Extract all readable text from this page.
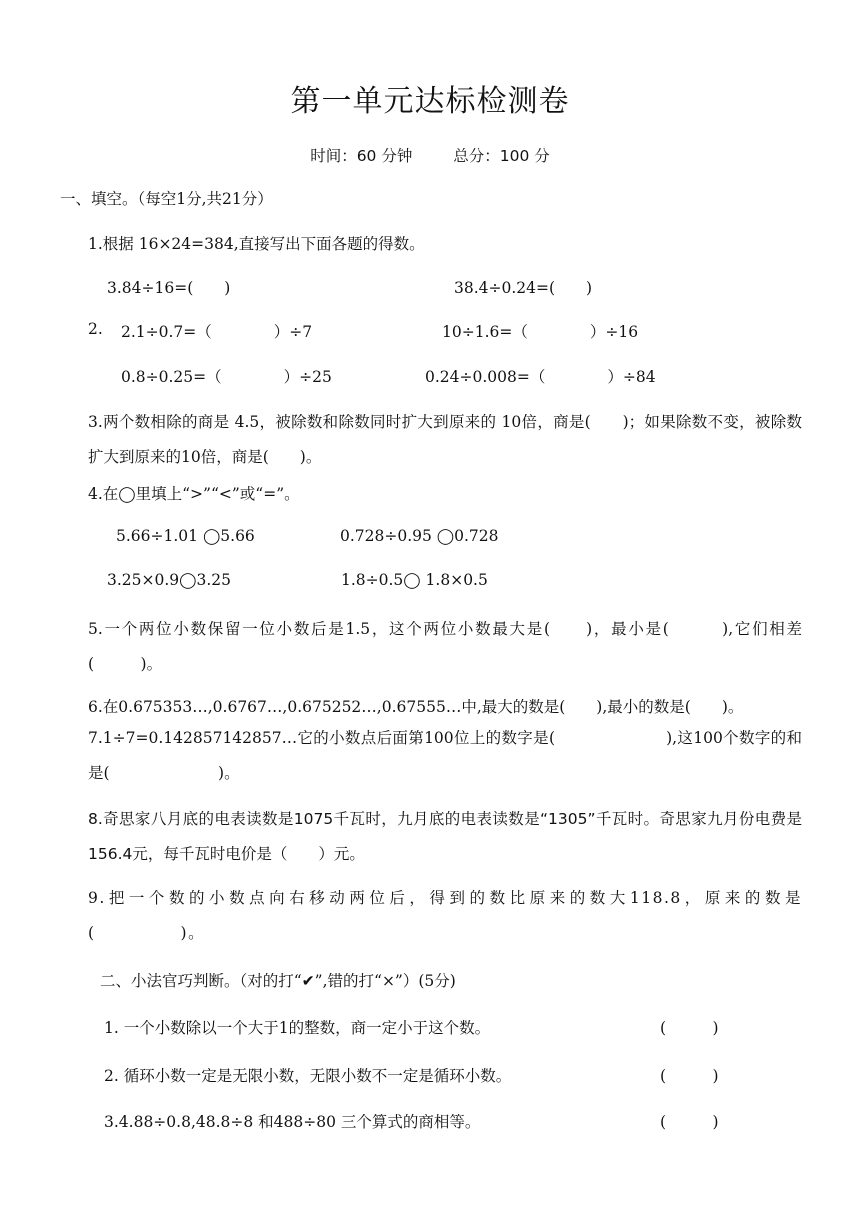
第一单元达标检测卷
时间：60 分钟	总分：100 分
一、填空。（每空1分,共21分）
1.根据 16×24=384,直接写出下面各题的得数。
3.84÷16=(　　)	38.4÷0.24=(　　)
2. 2.1÷0.7=（　　　　）÷7	10÷1.6=（　　　　）÷16
0.8÷0.25=（　　　　）÷25	0.24÷0.008=（　　　　）÷84
3.两个数相除的商是 4.5，被除数和除数同时扩大到原来的 10倍，商是(　　)；如果除数不变，被除数扩大到原来的10倍，商是(　　)。
4.在◯里填上“>”“<”或“=”。
5.66÷1.01 ◯5.66	0.728÷0.95 ◯0.728
3.25×0.9◯3.25	1.8÷0.5◯ 1.8×0.5
5.一个两位小数保留一位小数后是1.5，这个两位小数最大是(　　)，最小是(　　　),它们相差(　　　)。
6.在0.675353…,0.6767…,0.675252…,0.67555…中,最大的数是(　　),最小的数是(　　)。
7.1÷7=0.142857142857…它的小数点后面第100位上的数字是(　　　　　　　),这100个数字的和是(　　　　　　　)。
8.奇思家八月底的电表读数是1075千瓦时，九月底的电表读数是“1305”千瓦时。奇思家九月份电费是156.4元，每千瓦时电价是（　　）元。
9.把一个数的小数点向右移动两位后，得到的数比原来的数大118.8，原来的数是(　　　　　)。
二、小法官巧判断。（对的打“✔”,错的打“×”）(5分)
1. 一个小数除以一个大于1的整数，商一定小于这个数。	(　　　)
2. 循环小数一定是无限小数，无限小数不一定是循环小数。	(　　　)
3.4.88÷0.8,48.8÷8 和488÷80 三个算式的商相等。	(　　　)
